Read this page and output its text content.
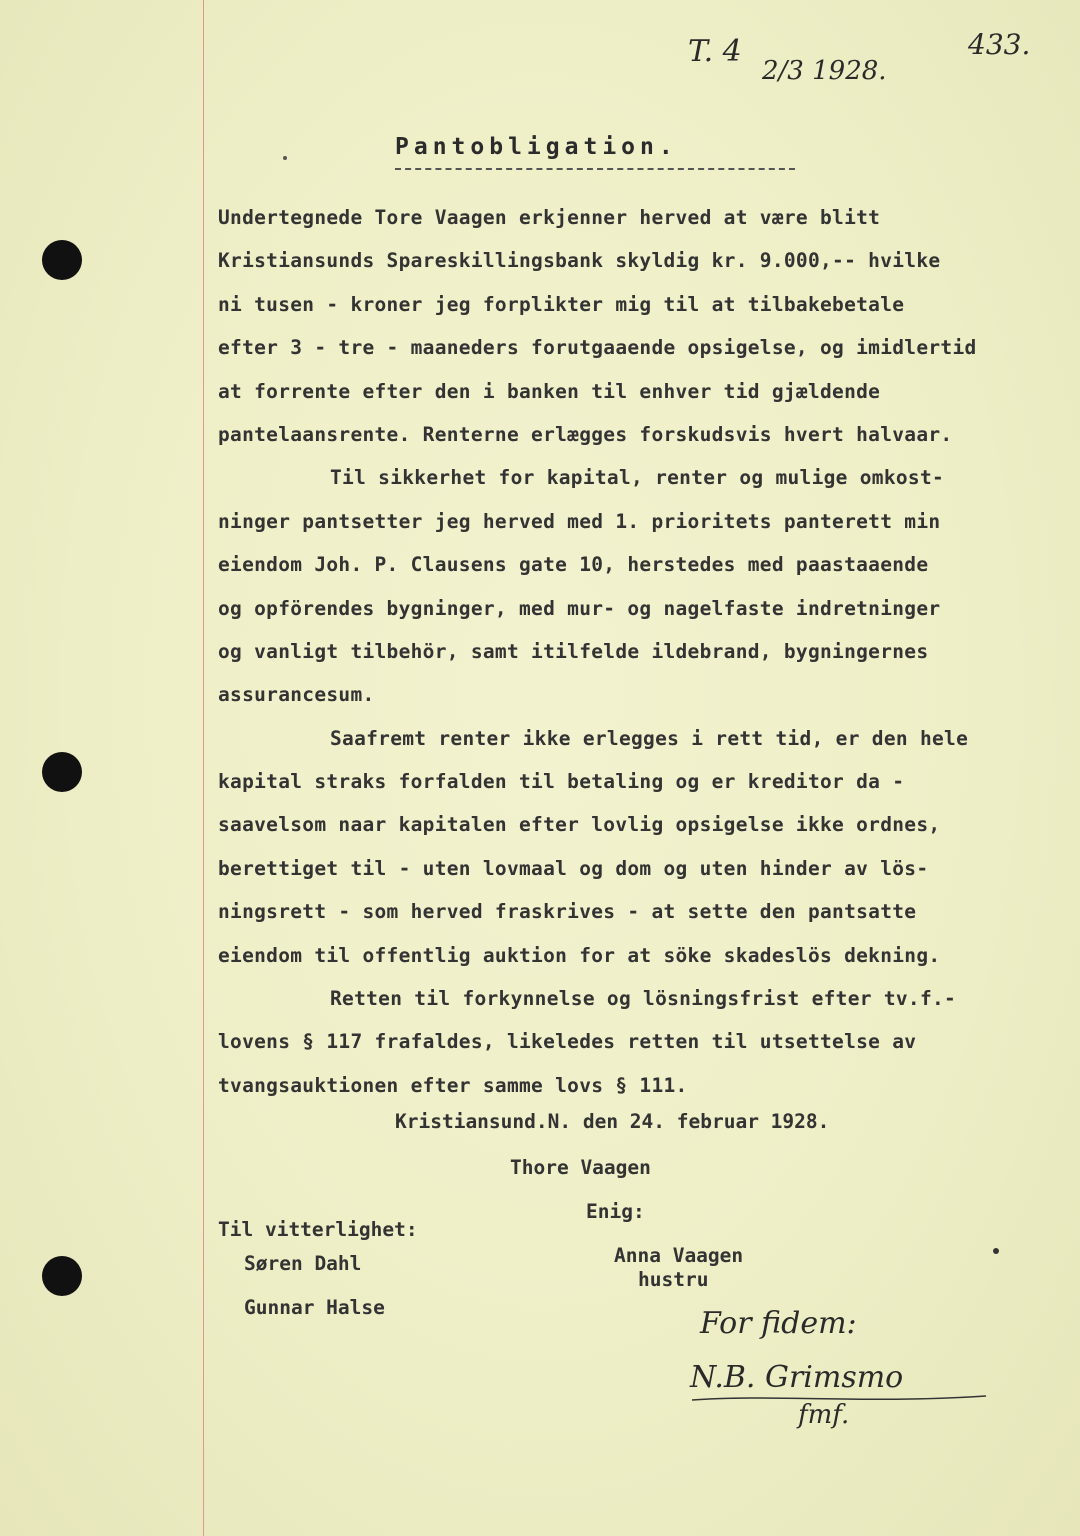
T. 4
2/3 1928.
433.
Pantobligation.
Undertegnede Tore Vaagen erkjenner herved at være blitt
Kristiansunds Spareskillingsbank skyldig kr. 9.000,-- hvilke
ni tusen - kroner jeg forplikter mig til at tilbakebetale
efter 3 - tre - maaneders forutgaaende opsigelse, og imidlertid
at forrente efter den i banken til enhver tid gjældende
pantelaansrente. Renterne erlægges forskudsvis hvert halvaar.
Til sikkerhet for kapital, renter og mulige omkost-
ninger pantsetter jeg herved med 1. prioritets panterett min
eiendom Joh. P. Clausens gate 10, herstedes med paastaaende
og opförendes bygninger, med mur- og nagelfaste indretninger
og vanligt tilbehör, samt itilfelde ildebrand, bygningernes
assurancesum.
Saafremt renter ikke erlegges i rett tid, er den hele
kapital straks forfalden til betaling og er kreditor da -
saavelsom naar kapitalen efter lovlig opsigelse ikke ordnes,
berettiget til - uten lovmaal og dom og uten hinder av lös-
ningsrett - som herved fraskrives - at sette den pantsatte
eiendom til offentlig auktion for at söke skadeslös dekning.
Retten til forkynnelse og lösningsfrist efter tv.f.-
lovens § 117 frafaldes, likeledes retten til utsettelse av
tvangsauktionen efter samme lovs § 111.
Kristiansund.N. den 24. februar 1928.
Thore Vaagen
Enig:
Til vitterlighet:
Søren Dahl
Gunnar Halse
Anna Vaagen
hustru
For fidem:
N.B. Grimsmo
fmf.
